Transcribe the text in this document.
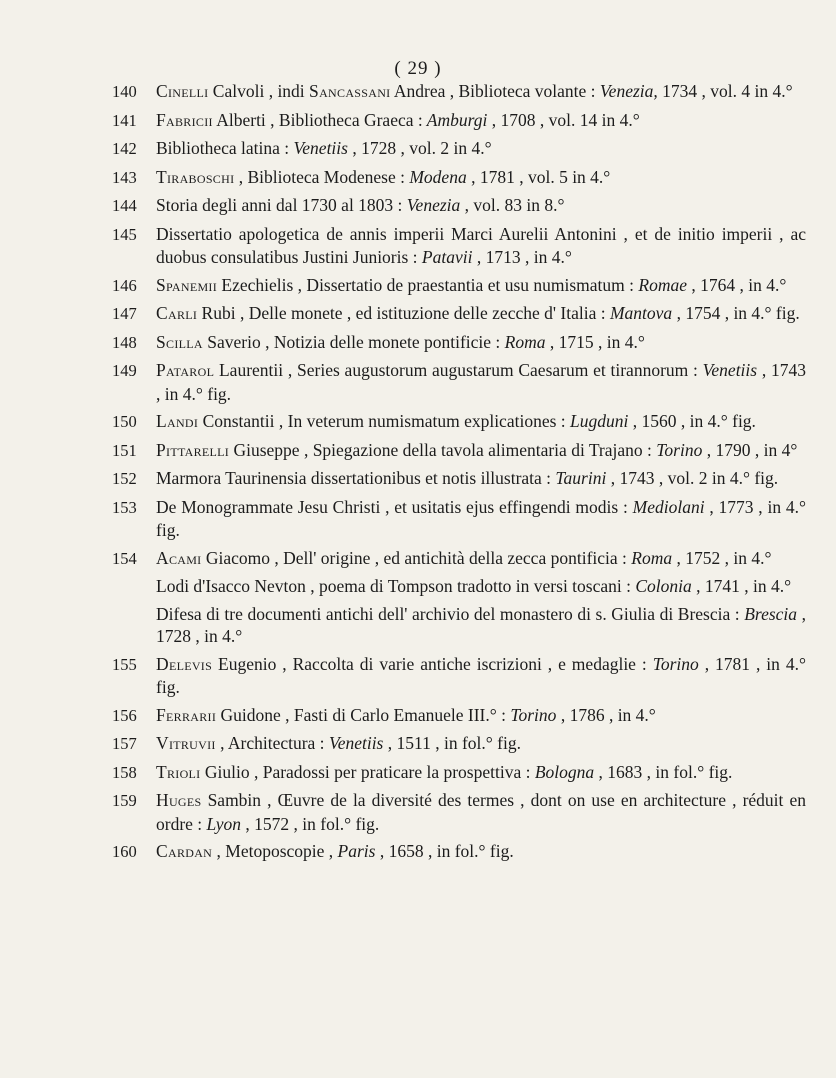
( 29 )
140 Cinelli Calvoli , indi Sancassani Andrea , Biblioteca volante : Venezia, 1734 , vol. 4 in 4.°
141 Fabricii Alberti , Bibliotheca Graeca : Amburgi , 1708 , vol. 14 in 4.°
142 Bibliotheca latina : Venetiis , 1728 , vol. 2 in 4.°
143 Tiraboschi , Biblioteca Modenese : Modena , 1781 , vol. 5 in 4.°
144 Storia degli anni dal 1730 al 1803 : Venezia , vol. 83 in 8.°
145 Dissertatio apologetica de annis imperii Marci Aurelii Antonini , et de initio imperii , ac duobus consulatibus Justini Junioris : Patavii , 1713 , in 4.°
146 Spanemii Ezechielis , Dissertatio de praestantia et usu numismatum : Romae , 1764 , in 4.°
147 Carli Rubi , Delle monete , ed istituzione delle zecche d' Italia : Mantova , 1754 , in 4.° fig.
148 Scilla Saverio , Notizia delle monete pontificie : Roma , 1715 , in 4.°
149 Patarol Laurentii , Series augustorum augustarum Caesarum et tirannorum : Venetiis , 1743 , in 4.° fig.
150 Landi Constantii , In veterum numismatum explicationes : Lugduni , 1560 , in 4.° fig.
151 Pittarelli Giuseppe , Spiegazione della tavola alimentaria di Trajano : Torino , 1790 , in 4°
152 Marmora Taurinensia dissertationibus et notis illustrata : Taurini , 1743 , vol. 2 in 4.° fig.
153 De Monogrammate Jesu Christi , et usitatis ejus effingendi modis : Mediolani , 1773 , in 4.° fig.
154 Acami Giacomo , Dell' origine , ed antichità della zecca pontificia : Roma , 1752 , in 4.°
Lodi d'Isacco Nevton , poema di Tompson tradotto in versi toscani : Colonia , 1741 , in 4.°
Difesa di tre documenti antichi dell' archivio del monastero di s. Giulia di Brescia : Brescia , 1728 , in 4.°
155 Delevis Eugenio , Raccolta di varie antiche iscrizioni , e medaglie : Torino , 1781 , in 4.° fig.
156 Ferrarii Guidone , Fasti di Carlo Emanuele III.° : Torino , 1786 , in 4.°
157 Vitruvii , Architectura : Venetiis , 1511 , in fol.° fig.
158 Trioli Giulio , Paradossi per praticare la prospettiva : Bologna , 1683 , in fol.° fig.
159 Huges Sambin , Œuvre de la diversité des termes , dont on use en architecture , réduit en ordre : Lyon , 1572 , in fol.° fig.
160 Cardan , Metoposcopie , Paris , 1658 , in fol.° fig.
